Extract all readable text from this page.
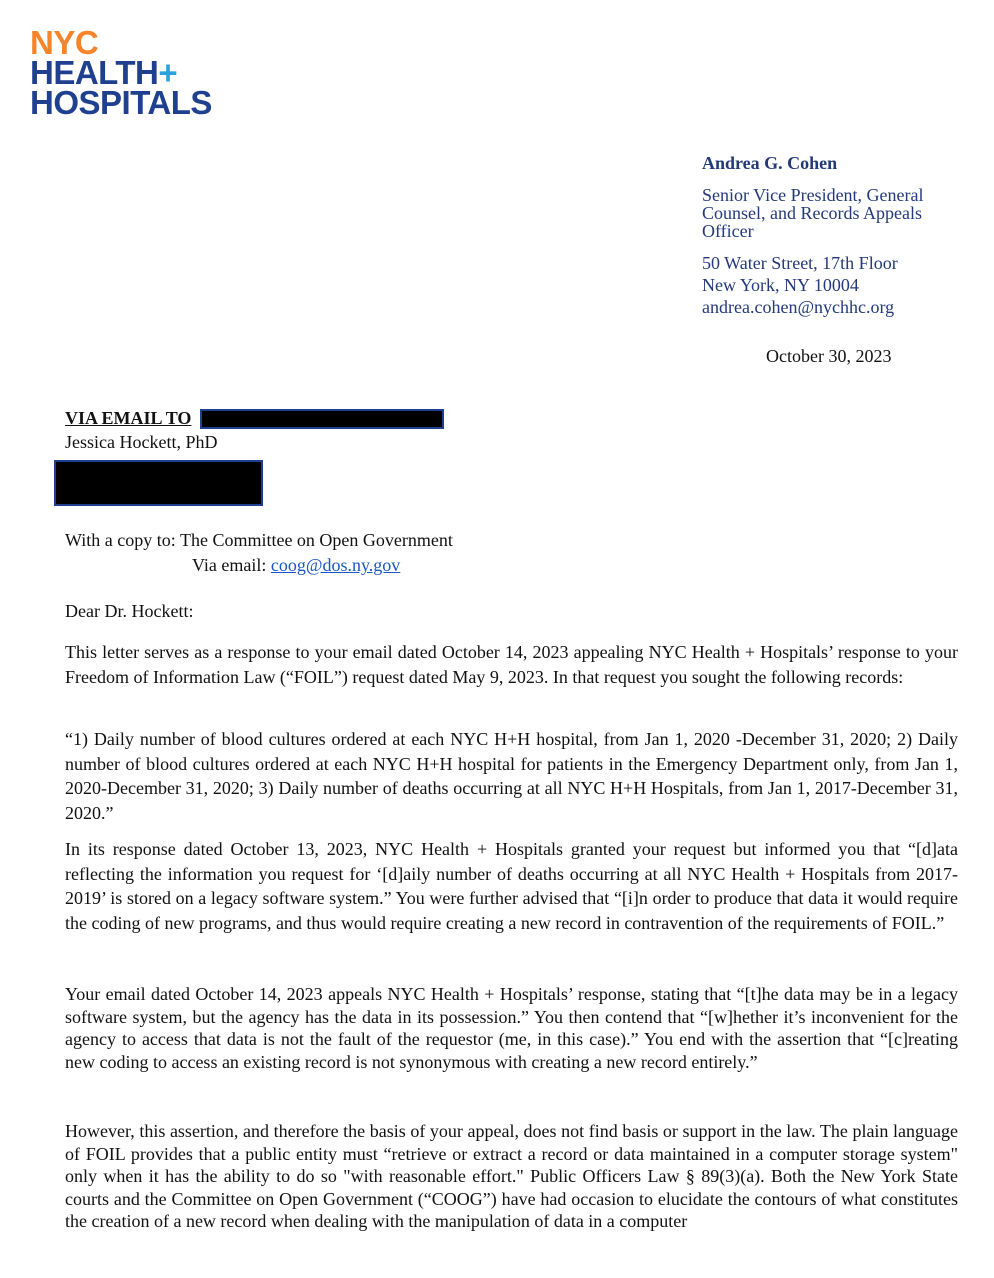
NYC
HEALTH+
HOSPITALS

Andrea G. Cohen

Senior Vice President, General Counsel, and Records Appeals Officer

50 Water Street, 17th Floor

New York, NY 10004

andrea.cohen@nychhc.org

October 30, 2023
VIA EMAIL TO
Jessica Hockett, PhD
With a copy to: The Committee on Open Government
Via email: coog@dos.ny.gov
Dear Dr. Hockett:

This letter serves as a response to your email dated October 14, 2023 appealing NYC Health + Hospitals’ response to your Freedom of Information Law (“FOIL”) request dated May 9, 2023. In that request you sought the following records:

“1) Daily number of blood cultures ordered at each NYC H+H hospital, from Jan 1, 2020 -December 31, 2020; 2) Daily number of blood cultures ordered at each NYC H+H hospital for patients in the Emergency Department only, from Jan 1, 2020-December 31, 2020; 3) Daily number of deaths occurring at all NYC H+H Hospitals, from Jan 1, 2017-December 31, 2020.”

In its response dated October 13, 2023, NYC Health + Hospitals granted your request but informed you that “[d]ata reflecting the information you request for ‘[d]aily number of deaths occurring at all NYC Health + Hospitals from 2017- 2019’ is stored on a legacy software system.” You were further advised that “[i]n order to produce that data it would require the coding of new programs, and thus would require creating a new record in contravention of the requirements of FOIL.”

Your email dated October 14, 2023 appeals NYC Health + Hospitals’ response, stating that “[t]he data may be in a legacy software system, but the agency has the data in its possession.” You then contend that “[w]hether it’s inconvenient for the agency to access that data is not the fault of the requestor (me, in this case).” You end with the assertion that “[c]reating new coding to access an existing record is not synonymous with creating a new record entirely.”

However, this assertion, and therefore the basis of your appeal, does not find basis or support in the law. The plain language of FOIL provides that a public entity must “retrieve or extract a record or data maintained in a computer storage system" only when it has the ability to do so "with reasonable effort." Public Officers Law § 89(3)(a). Both the New York State courts and the Committee on Open Government (“COOG”) have had occasion to elucidate the contours of what constitutes the creation of a new record when dealing with the manipulation of data in a computer
